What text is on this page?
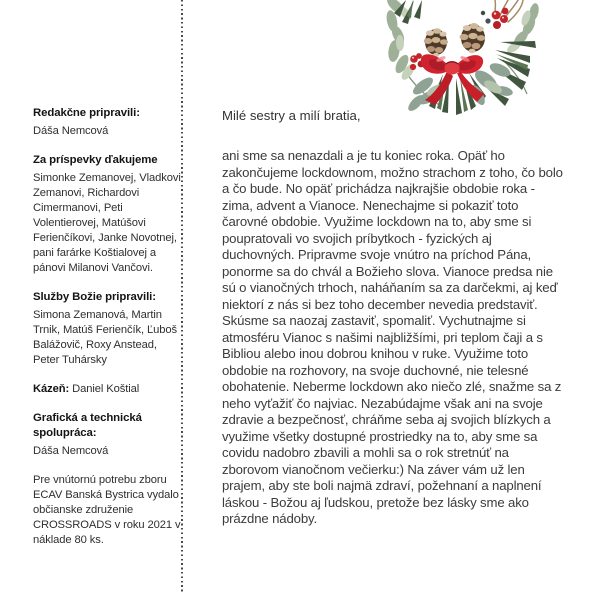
Redakčne pripravili:

Dáša Nemcová

Za príspevky ďakujeme

Simonke Zemanovej, Vladkovi Zemanovi, Richardovi Cimermanovi, Peti Volentierovej, Matúšovi Ferienčíkovi, Janke Novotnej, pani farárke Koštialovej a pánovi Milanovi Vančovi.

Služby Božie pripravili:

Simona Zemanová, Martin Trnik, Matúš Ferienčík, Ľuboš Balážovič, Roxy Anstead, Peter Tuhársky

Kázeň: Daniel Koštial

Grafická a technická spolupráca:

Dáša Nemcová

Pre vnútornú potrebu zboru ECAV Banská Bystrica vydalo občianske združenie CROSSROADS v roku 2021 v náklade 80 ks.

Milé sestry a milí bratia,

ani sme sa nenazdali a je tu koniec roka. Opäť ho zakončujeme lockdownom, možno strachom z toho, čo bolo a čo bude. No opäť prichádza najkrajšie obdobie roka - zima, advent a Vianoce. Nenechajme si pokaziť toto čarovné obdobie. Využime lockdown na to, aby sme si poupratovali vo svojich príbytkoch - fyzických aj duchovných. Pripravme svoje vnútro na príchod Pána, ponorme sa do chvál a Božieho slova. Vianoce predsa nie sú o vianočných trhoch, naháňaním sa za darčekmi, aj keď niektorí z nás si bez toho december nevedia predstaviť. Skúsme sa naozaj zastaviť, spomaliť. Vychutnajme si atmosféru Vianoc s našimi najbližšími, pri teplom čaji a s Bibliou alebo inou dobrou knihou v ruke. Využime toto obdobie na rozhovory, na svoje duchovné, nie telesné obohatenie. Neberme lockdown ako niečo zlé, snažme sa z neho vyťažiť čo najviac. Nezabúdajme však ani na svoje zdravie a bezpečnosť, chráňme seba aj svojich blízkych a využime všetky dostupné prostriedky na to, aby sme sa covidu nadobro zbavili a mohli sa o rok stretnúť na zborovom vianočnom večierku:) Na záver vám už len prajem, aby ste boli najmä zdraví, požehnaní a naplnení láskou - Božou aj ľudskou, pretože bez lásky sme ako prázdne nádoby.
